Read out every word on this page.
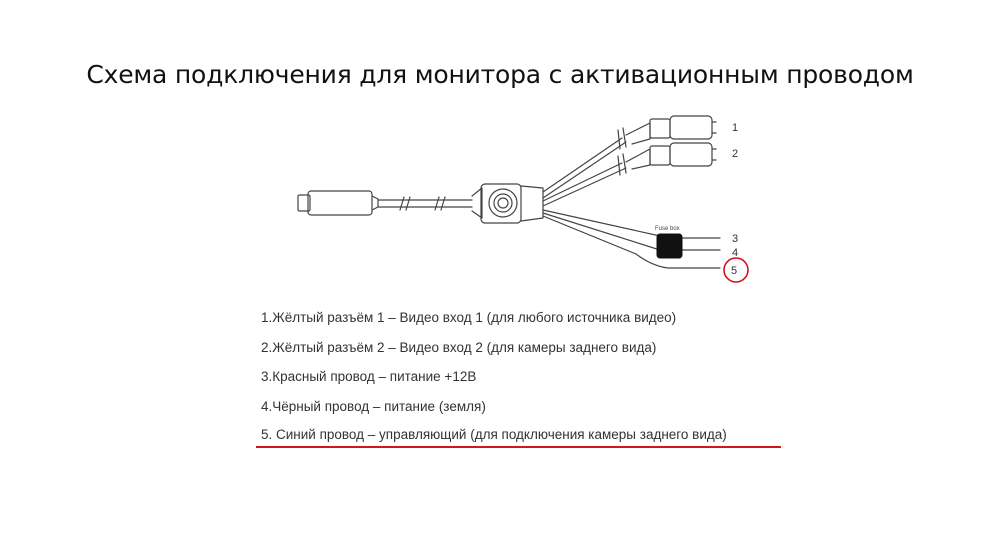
Схема подключения для монитора с активационным проводом
Fuse box
1
2
3
4
5
1.Жёлтый разъём 1 – Видео вход 1 (для любого источника видео)
2.Жёлтый разъём 2 – Видео вход 2 (для камеры заднего вида)
3.Красный провод – питание +12В
4.Чёрный провод – питание (земля)
5. Синий провод – управляющий (для подключения камеры заднего вида)
